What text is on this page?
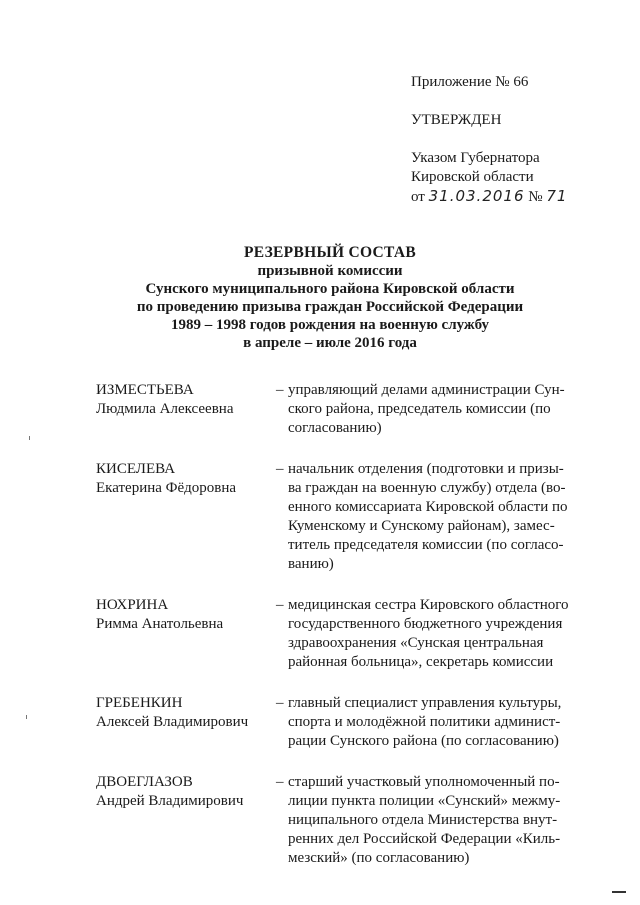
Приложение № 66
УТВЕРЖДЕН
Указом Губернатора
Кировской области
от 31.03.2016 № 71
РЕЗЕРВНЫЙ СОСТАВ
призывной комиссии
Сунского муниципального района Кировской области
по проведению призыва граждан Российской Федерации
1989 – 1998 годов рождения на военную службу
в апреле – июле 2016 года
ИЗМЕСТЬЕВА
Людмила Алексеевна
– управляющий делами администрации Сун-
ского района, председатель комиссии (по
согласованию)
КИСЕЛЕВА
Екатерина Фёдоровна
– начальник отделения (подготовки и призы-
ва граждан на военную службу) отдела (во-
енного комиссариата Кировской области по
Куменскому и Сунскому районам), замес-
титель председателя комиссии (по согласо-
ванию)
НОХРИНА
Римма Анатольевна
– медицинская сестра Кировского областного
государственного бюджетного учреждения
здравоохранения «Сунская центральная
районная больница», секретарь комиссии
ГРЕБЕНКИН
Алексей Владимирович
– главный специалист управления культуры,
спорта и молодёжной политики админист-
рации Сунского района (по согласованию)
ДВОЕГЛАЗОВ
Андрей Владимирович
– старший участковый уполномоченный по-
лиции пункта полиции «Сунский» межму-
ниципального отдела Министерства внут-
ренних дел Российской Федерации «Киль-
мезский» (по согласованию)
